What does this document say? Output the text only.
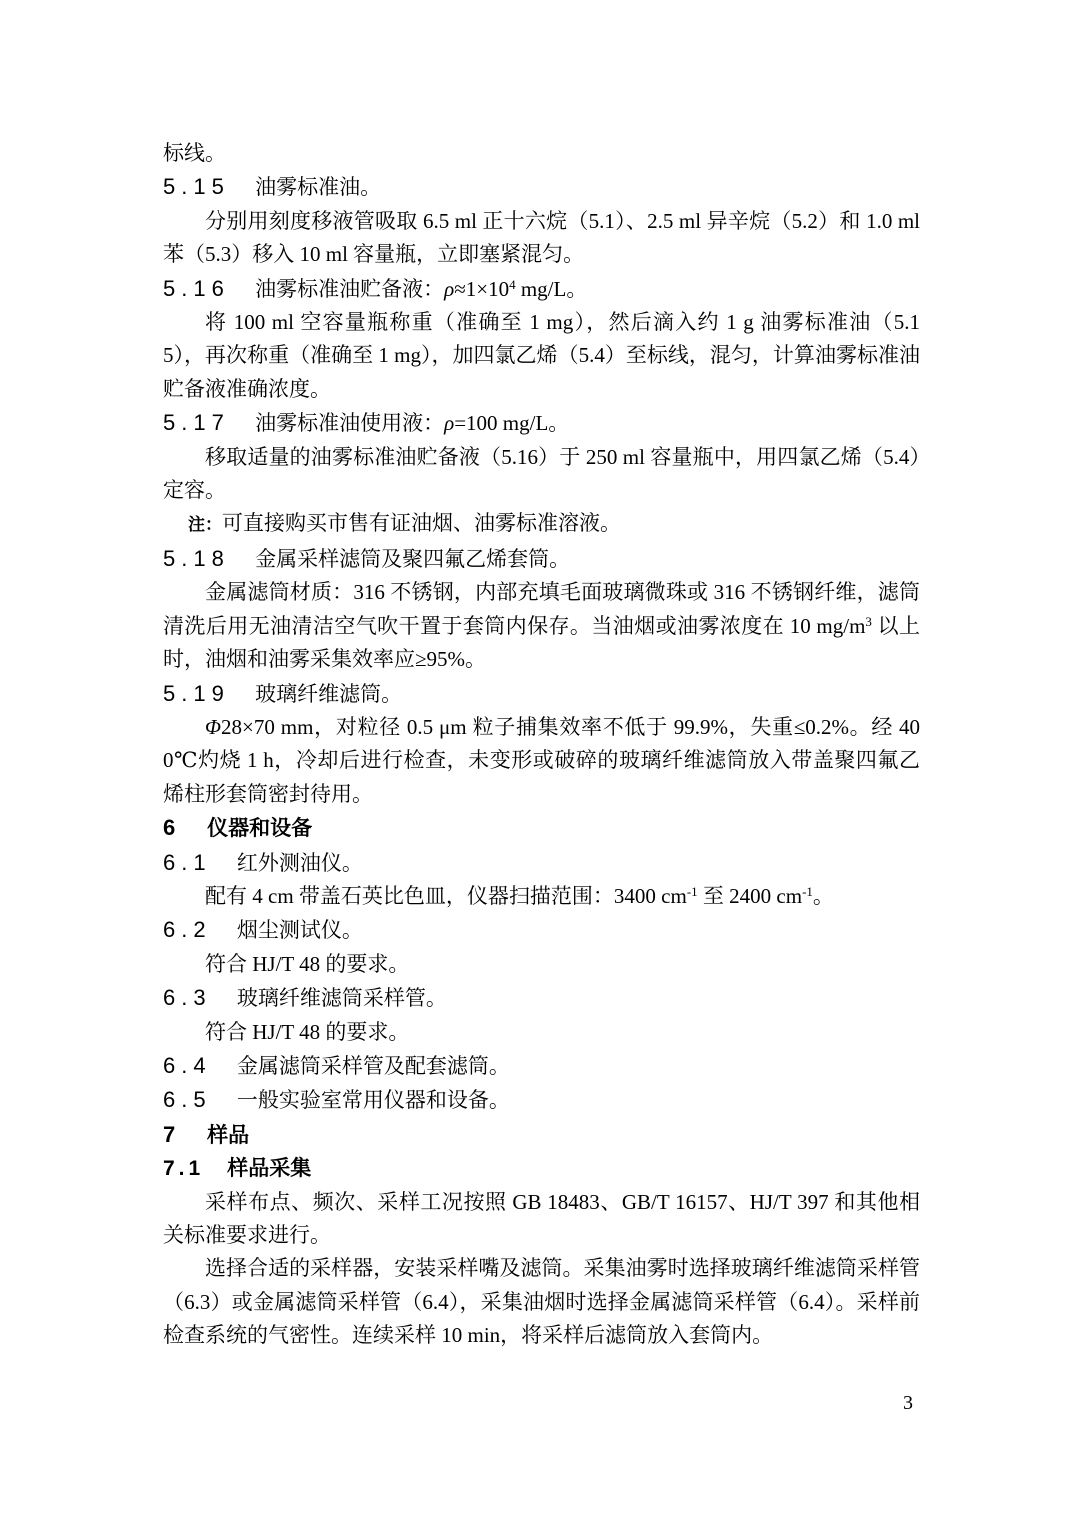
标线。

5.15 油雾标准油。

分别用刻度移液管吸取 6.5 ml 正十六烷（5.1）、2.5 ml 异辛烷（5.2）和 1.0 ml 苯（5.3）移入 10 ml 容量瓶，立即塞紧混匀。

5.16 油雾标准油贮备液：$\rho\approx 1\times 10^4$ mg/L。

将 100 ml 空容量瓶称重（准确至 1 mg），然后滴入约 1 g 油雾标准油（5.15），再次称重（准确至 1 mg），加四氯乙烯（5.4）至标线，混匀，计算油雾标准油贮备液准确浓度。

5.17 油雾标准油使用液：ρ=100 mg/L。

移取适量的油雾标准油贮备液（5.16）于 250 ml 容量瓶中，用四氯乙烯（5.4）定容。

注：可直接购买市售有证油烟、油雾标准溶液。

5.18 金属采样滤筒及聚四氟乙烯套筒。

金属滤筒材质：316 不锈钢，内部充填毛面玻璃微珠或 316 不锈钢纤维，滤筒清洗后用无油清洁空气吹干置于套筒内保存。当油烟或油雾浓度在 10 $mg/m^3$ 以上时，油烟和油雾采集效率应≥95%。

5.19 玻璃纤维滤筒。

Φ28×70 mm，对粒径 0.5 μm 粒子捕集效率不低于 99.9%，失重≤0.2%。经 400℃灼烧 1 h，冷却后进行检查，未变形或破碎的玻璃纤维滤筒放入带盖聚四氟乙烯柱形套筒密封待用。

6 仪器和设备

6.1 红外测油仪。

配有 4 cm 带盖石英比色皿，仪器扫描范围：3400 $cm^{-1}$ 至 2400 $cm^{-1}$。

6.2 烟尘测试仪。

符合 HJ/T 48 的要求。

6.3 玻璃纤维滤筒采样管。

符合 HJ/T 48 的要求。

6.4 金属滤筒采样管及配套滤筒。

6.5 一般实验室常用仪器和设备。

7 样品

7.1 样品采集

采样布点、频次、采样工况按照 GB 18483、GB/T 16157、HJ/T 397 和其他相关标准要求进行。

选择合适的采样器，安装采样嘴及滤筒。采集油雾时选择玻璃纤维滤筒采样管（6.3）或金属滤筒采样管（6.4），采集油烟时选择金属滤筒采样管（6.4）。采样前检查系统的气密性。连续采样 10 min，将采样后滤筒放入套筒内。

3
